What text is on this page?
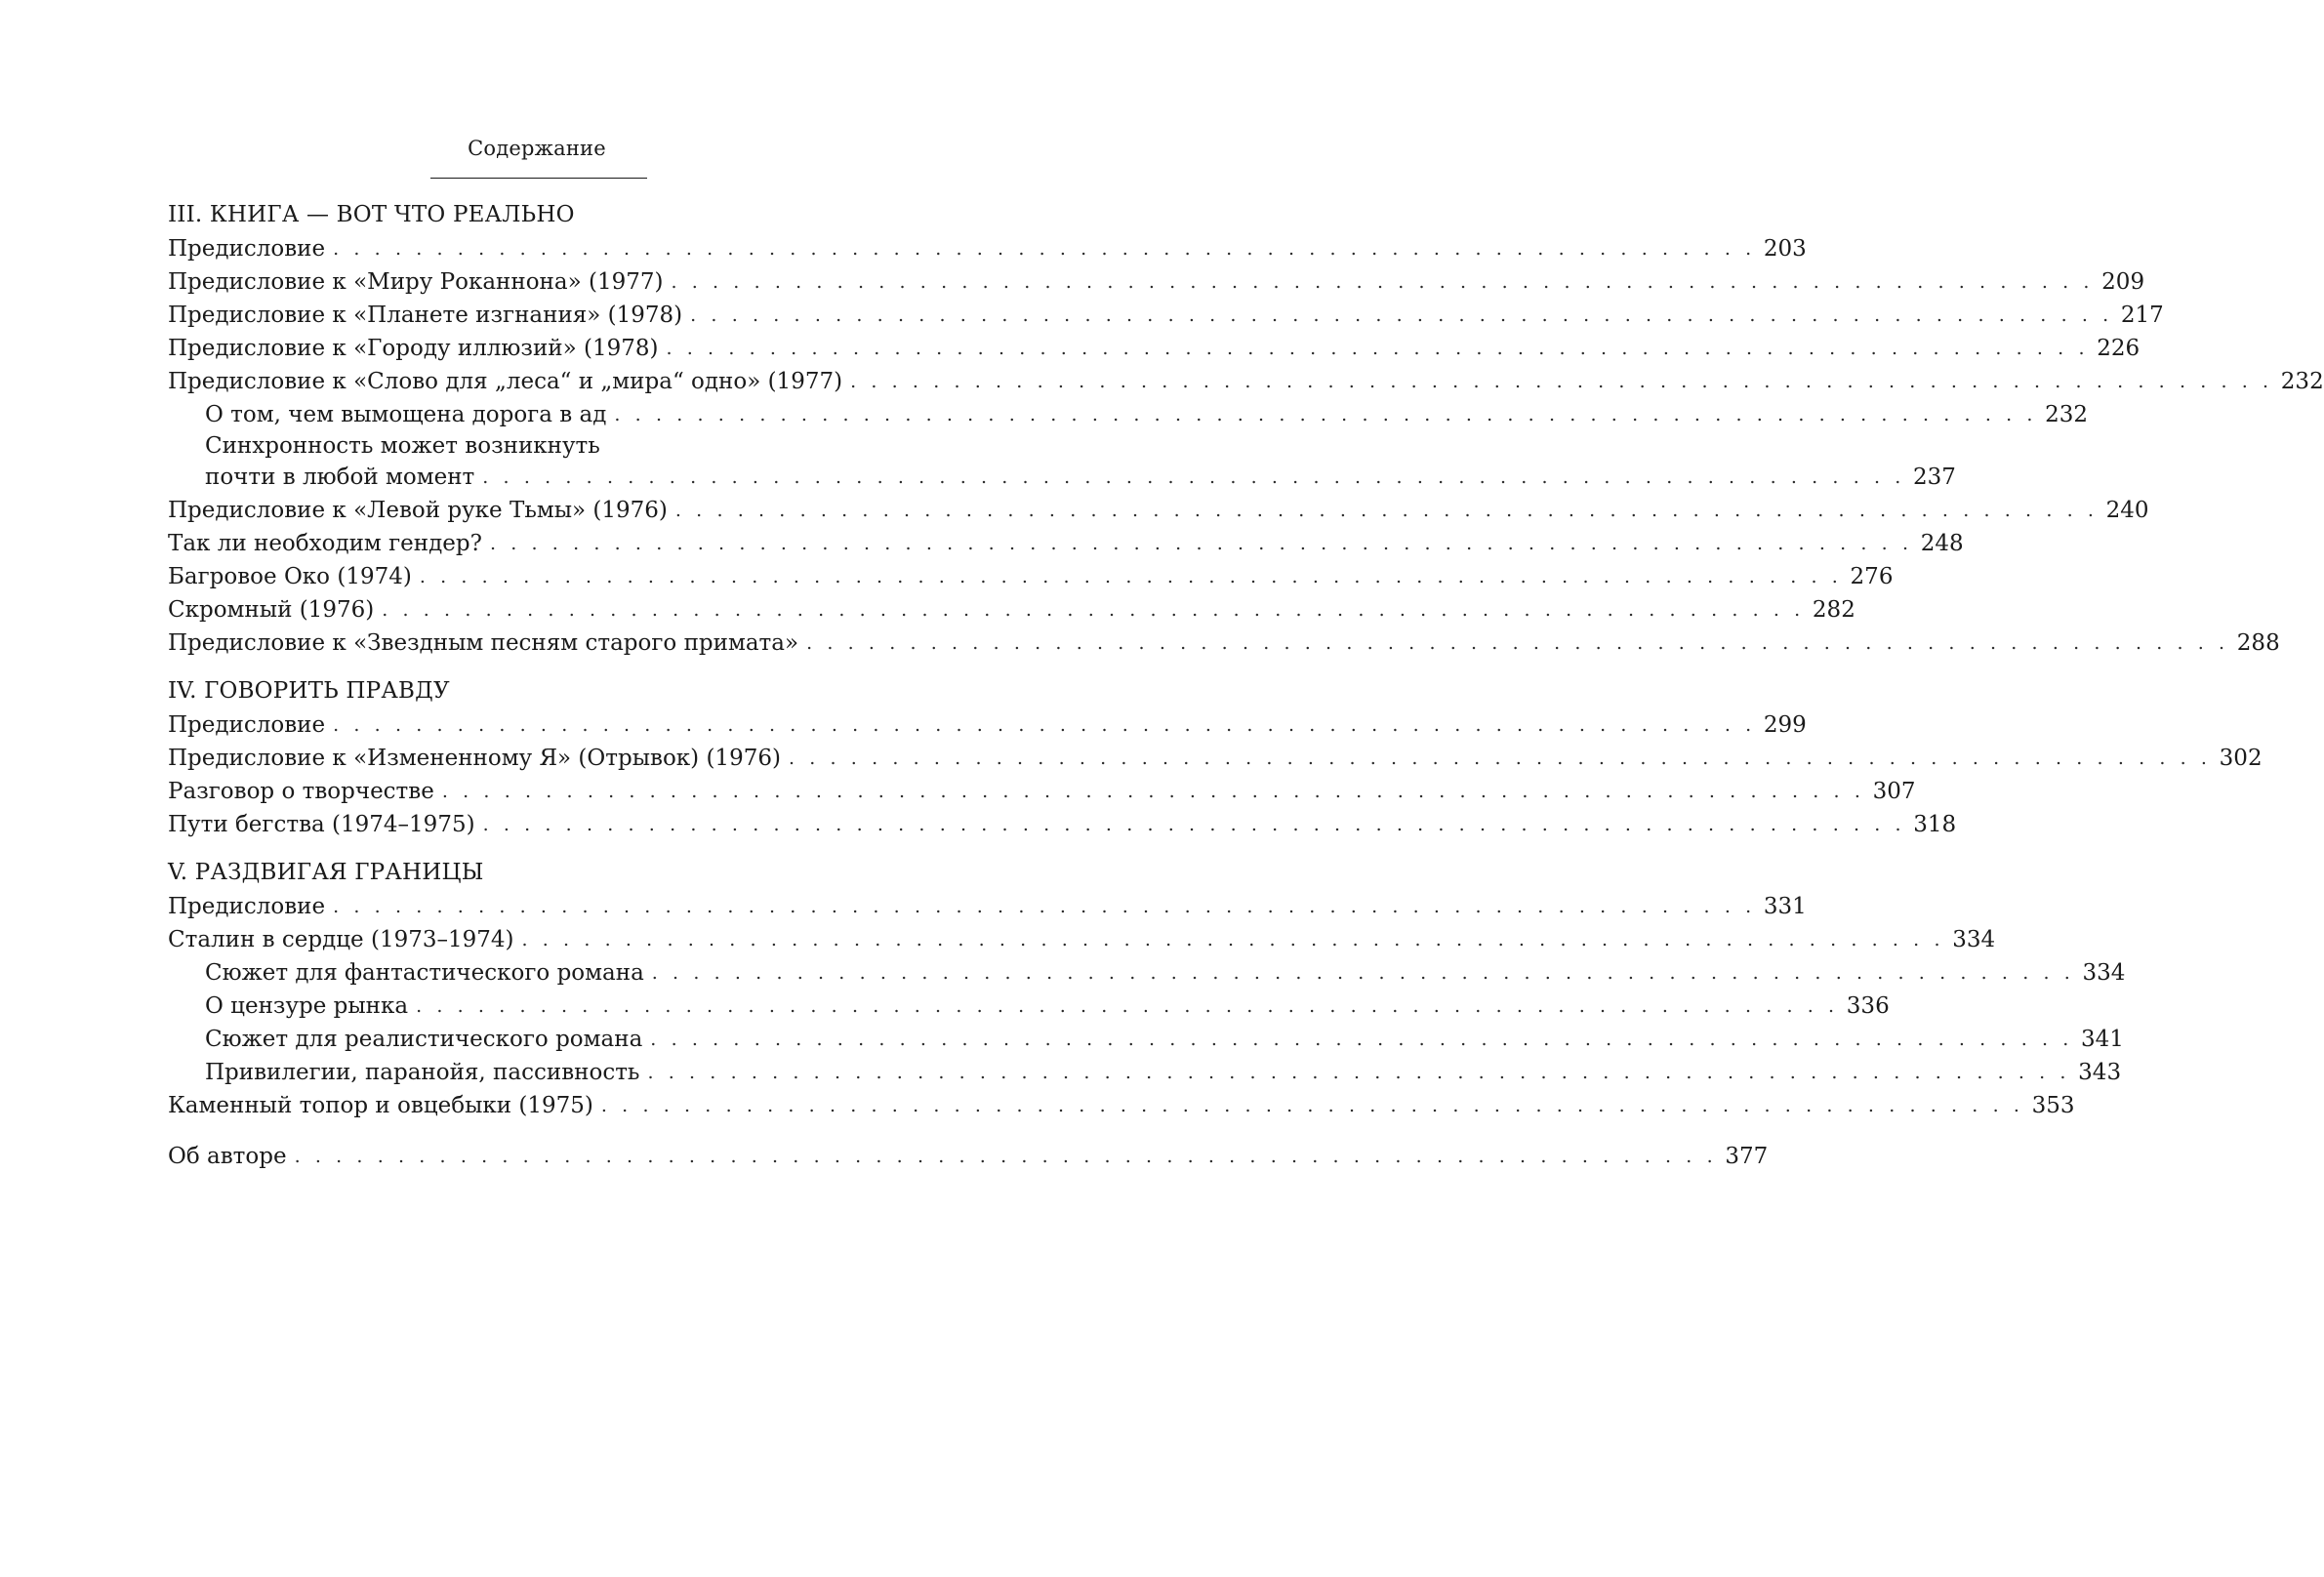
Содержание
III. КНИГА — ВОТ ЧТО РЕАЛЬНО
Предисловие . . . . . . . . . . . . . . . . . . . . . . . . . . . . . . . . . . . . . . . . . . . . . . . . . . . . . . . . . . . . . . . . . . . . . 203
Предисловие к «Миру Роканнона» (1977) . . . . . . . . . . . . . . . . . . . . . . . . . . . . . . . . . . . . . . . . . . . . . . . . . . . . . . . . . . . . . . . . . . . . . 209
Предисловие к «Планете изгнания» (1978) . . . . . . . . . . . . . . . . . . . . . . . . . . . . . . . . . . . . . . . . . . . . . . . . . . . . . . . . . . . . . . . . . . . . . 217
Предисловие к «Городу иллюзий» (1978) . . . . . . . . . . . . . . . . . . . . . . . . . . . . . . . . . . . . . . . . . . . . . . . . . . . . . . . . . . . . . . . . . . . . . 226
Предисловие к «Слово для „леса“ и „мира“ одно» (1977) . . . . . . . . . . . . . . . . . . . . . . . . . . . . . . . . . . . . . . . . . . . . . . . . . . . . . . . . . . . . . . . . . . . . . 232
О том, чем вымощена дорога в ад . . . . . . . . . . . . . . . . . . . . . . . . . . . . . . . . . . . . . . . . . . . . . . . . . . . . . . . . . . . . . . . . . . . . . 232
Синхронность может возникнуть
почти в любой момент . . . . . . . . . . . . . . . . . . . . . . . . . . . . . . . . . . . . . . . . . . . . . . . . . . . . . . . . . . . . . . . . . . . . . 237
Предисловие к «Левой руке Тьмы» (1976) . . . . . . . . . . . . . . . . . . . . . . . . . . . . . . . . . . . . . . . . . . . . . . . . . . . . . . . . . . . . . . . . . . . . . 240
Так ли необходим гендер? . . . . . . . . . . . . . . . . . . . . . . . . . . . . . . . . . . . . . . . . . . . . . . . . . . . . . . . . . . . . . . . . . . . . . 248
Багровое Око (1974) . . . . . . . . . . . . . . . . . . . . . . . . . . . . . . . . . . . . . . . . . . . . . . . . . . . . . . . . . . . . . . . . . . . . . 276
Скромный (1976) . . . . . . . . . . . . . . . . . . . . . . . . . . . . . . . . . . . . . . . . . . . . . . . . . . . . . . . . . . . . . . . . . . . . . 282
Предисловие к «Звездным песням старого примата» . . . . . . . . . . . . . . . . . . . . . . . . . . . . . . . . . . . . . . . . . . . . . . . . . . . . . . . . . . . . . . . . . . . . . 288
IV. ГОВОРИТЬ ПРАВДУ
Предисловие . . . . . . . . . . . . . . . . . . . . . . . . . . . . . . . . . . . . . . . . . . . . . . . . . . . . . . . . . . . . . . . . . . . . . 299
Предисловие к «Измененному Я» (Отрывок) (1976) . . . . . . . . . . . . . . . . . . . . . . . . . . . . . . . . . . . . . . . . . . . . . . . . . . . . . . . . . . . . . . . . . . . . . 302
Разговор о творчестве . . . . . . . . . . . . . . . . . . . . . . . . . . . . . . . . . . . . . . . . . . . . . . . . . . . . . . . . . . . . . . . . . . . . . 307
Пути бегства (1974–1975) . . . . . . . . . . . . . . . . . . . . . . . . . . . . . . . . . . . . . . . . . . . . . . . . . . . . . . . . . . . . . . . . . . . . . 318
V. РАЗДВИГАЯ ГРАНИЦЫ
Предисловие . . . . . . . . . . . . . . . . . . . . . . . . . . . . . . . . . . . . . . . . . . . . . . . . . . . . . . . . . . . . . . . . . . . . . 331
Сталин в сердце (1973–1974) . . . . . . . . . . . . . . . . . . . . . . . . . . . . . . . . . . . . . . . . . . . . . . . . . . . . . . . . . . . . . . . . . . . . . 334
Сюжет для фантастического романа . . . . . . . . . . . . . . . . . . . . . . . . . . . . . . . . . . . . . . . . . . . . . . . . . . . . . . . . . . . . . . . . . . . . . 334
О цензуре рынка . . . . . . . . . . . . . . . . . . . . . . . . . . . . . . . . . . . . . . . . . . . . . . . . . . . . . . . . . . . . . . . . . . . . . 336
Сюжет для реалистического романа . . . . . . . . . . . . . . . . . . . . . . . . . . . . . . . . . . . . . . . . . . . . . . . . . . . . . . . . . . . . . . . . . . . . . 341
Привилегии, паранойя, пассивность . . . . . . . . . . . . . . . . . . . . . . . . . . . . . . . . . . . . . . . . . . . . . . . . . . . . . . . . . . . . . . . . . . . . . 343
Каменный топор и овцебыки (1975) . . . . . . . . . . . . . . . . . . . . . . . . . . . . . . . . . . . . . . . . . . . . . . . . . . . . . . . . . . . . . . . . . . . . . 353
Об авторе . . . . . . . . . . . . . . . . . . . . . . . . . . . . . . . . . . . . . . . . . . . . . . . . . . . . . . . . . . . . . . . . . . . . . 377
